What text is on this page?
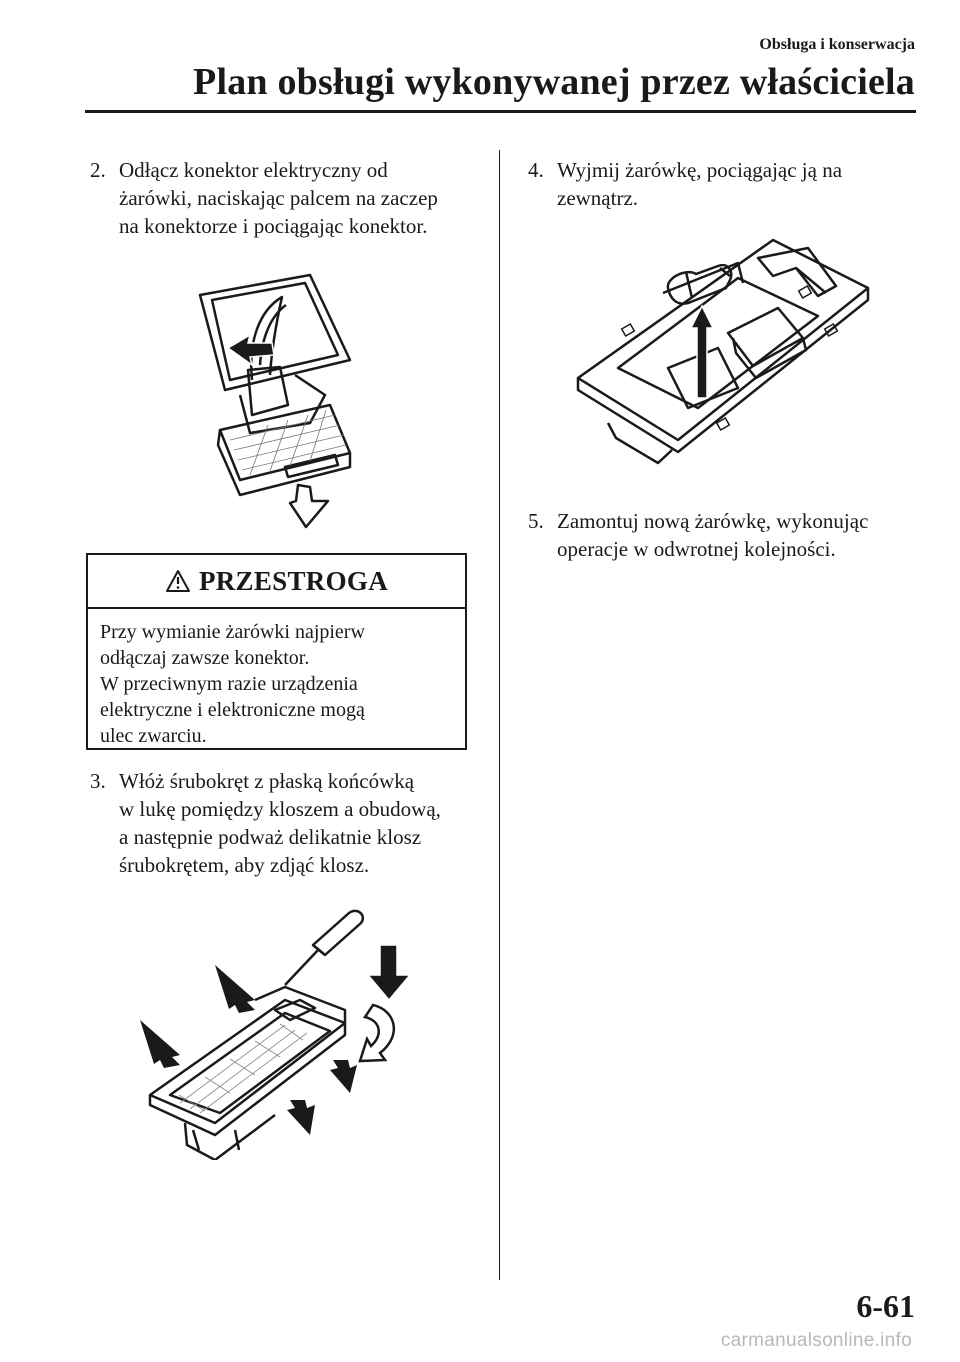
Obsługa i konserwacja
Plan obsługi wykonywanej przez właściciela
2. Odłącz konektor elektryczny od
żarówki, naciskając palcem na zaczep
na konektorze i pociągając konektor.
PRZESTROGA
Przy wymianie żarówki najpierw
odłączaj zawsze konektor.
W przeciwnym razie urządzenia
elektryczne i elektroniczne mogą
ulec zwarciu.
3. Włóż śrubokręt z płaską końcówką
w lukę pomiędzy kloszem a obudową,
a następnie podważ delikatnie klosz
śrubokrętem, aby zdjąć klosz.
4. Wyjmij żarówkę, pociągając ją na
zewnątrz.
5. Zamontuj nową żarówkę, wykonując
operacje w odwrotnej kolejności.
6-61
carmanualsonline.info
